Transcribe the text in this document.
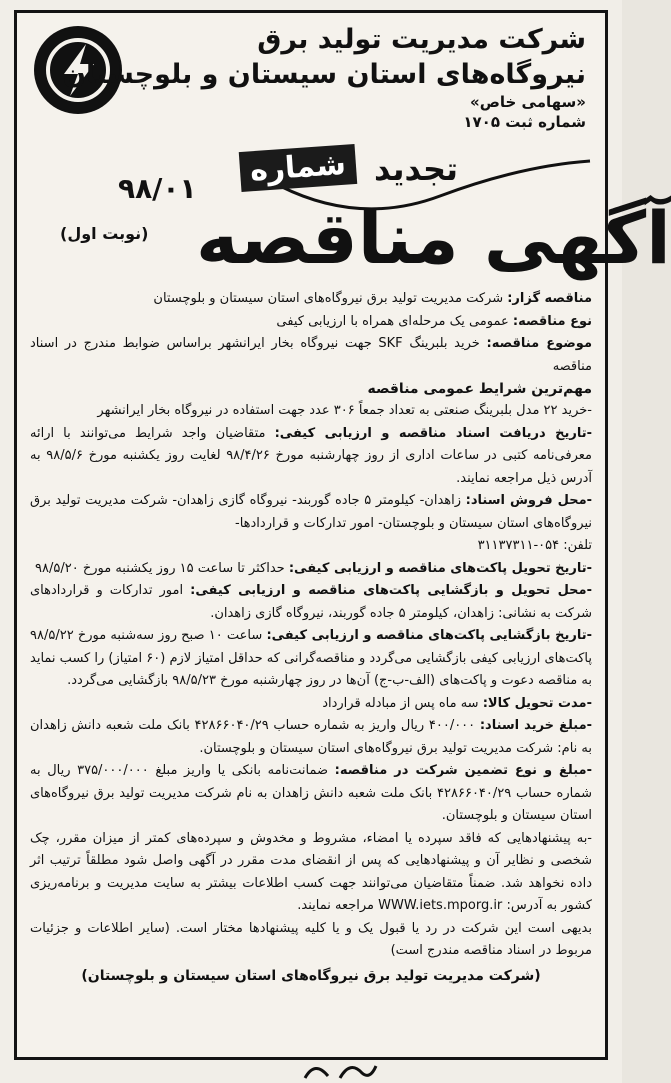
شرکت مدیریت تولید برق
نیروگاه‌های استان سیستان و بلوچستان
«سهامی خاص»
شماره ثبت ۱۷۰۵
تجدید
شماره
۹۸/۰۱
(نوبت اول) آگهی مناقصه

مناقصه گزار: شرکت مدیریت تولید برق نیروگاه‌های استان سیستان و بلوچستان

نوع مناقصه: عمومی یک مرحله‌ای همراه با ارزیابی کیفی

موضوع مناقصه: خرید بلبرینگ SKF جهت نیروگاه بخار ایرانشهر براساس ضوابط مندرج در اسناد مناقصه

مهم‌ترین شرایط عمومی مناقصه

-خرید ۲۲ مدل بلبرینگ صنعتی به تعداد جمعاً ۳۰۶ عدد جهت استفاده در نیروگاه بخار ایرانشهر

-تاریخ دریافت اسناد مناقصه و ارزیابی کیفی: متقاضیان واجد شرایط می‌توانند با ارائه معرفی‌نامه کتبی در ساعات اداری از روز چهارشنبه مورخ ۹۸/۴/۲۶ لغایت روز یکشنبه مورخ ۹۸/۵/۶ به آدرس ذیل مراجعه نمایند.

-محل فروش اسناد: زاهدان- کیلومتر ۵ جاده گوربند- نیروگاه گازی زاهدان- شرکت مدیریت تولید برق نیروگاه‌های استان سیستان و بلوچستان- امور تدارکات و قراردادها-

تلفن: ۰۵۴-۳۱۱۳۷۳۱۱

-تاریخ تحویل پاکت‌های مناقصه و ارزیابی کیفی: حداکثر تا ساعت ۱۵ روز یکشنبه مورخ ۹۸/۵/۲۰

-محل تحویل و بازگشایی پاکت‌های مناقصه و ارزیابی کیفی: امور تدارکات و قراردادهای شرکت به نشانی: زاهدان، کیلومتر ۵ جاده گوربند، نیروگاه گازی زاهدان.

-تاریخ بازگشایی پاکت‌های مناقصه و ارزیابی کیفی: ساعت ۱۰ صبح روز سه‌شنبه مورخ ۹۸/۵/۲۲ پاکت‌های ارزیابی کیفی بازگشایی می‌گردد و مناقصه‌گرانی که حداقل امتیاز لازم (۶۰ امتیاز) را کسب نماید به مناقصه دعوت و پاکت‌های (الف-ب-ج) آن‌ها در روز چهارشنبه مورخ ۹۸/۵/۲۳ بازگشایی می‌گردد.

-مدت تحویل کالا: سه ماه پس از مبادله قرارداد

-مبلغ خرید اسناد: ۴۰۰/۰۰۰ ریال واریز به شماره حساب ۴۲۸۶۶۰۴۰/۲۹ بانک ملت شعبه دانش زاهدان به نام: شرکت مدیریت تولید برق نیروگاه‌های استان سیستان و بلوچستان.

-مبلغ و نوع تضمین شرکت در مناقصه: ضمانت‌نامه بانکی یا واریز مبلغ ۳۷۵/۰۰۰/۰۰۰ ریال به شماره حساب ۴۲۸۶۶۰۴۰/۲۹ بانک ملت شعبه دانش زاهدان به نام شرکت مدیریت تولید برق نیروگاه‌های استان سیستان و بلوچستان.

-به پیشنهادهایی که فاقد سپرده یا امضاء، مشروط و مخدوش و سپرده‌های کمتر از میزان مقرر، چک شخصی و نظایر آن و پیشنهادهایی که پس از انقضای مدت مقرر در آگهی واصل شود مطلقاً ترتیب اثر داده نخواهد شد. ضمناً متقاضیان می‌توانند جهت کسب اطلاعات بیشتر به سایت مدیریت و برنامه‌ریزی کشور به آدرس: WWW.iets.mporg.ir مراجعه نمایند.

بدیهی است این شرکت در رد یا قبول یک و یا کلیه پیشنهادها مختار است. (سایر اطلاعات و جزئیات مربوط در اسناد مناقصه مندرج است)

(شرکت مدیریت تولید برق نیروگاه‌های استان سیستان و بلوچستان)
